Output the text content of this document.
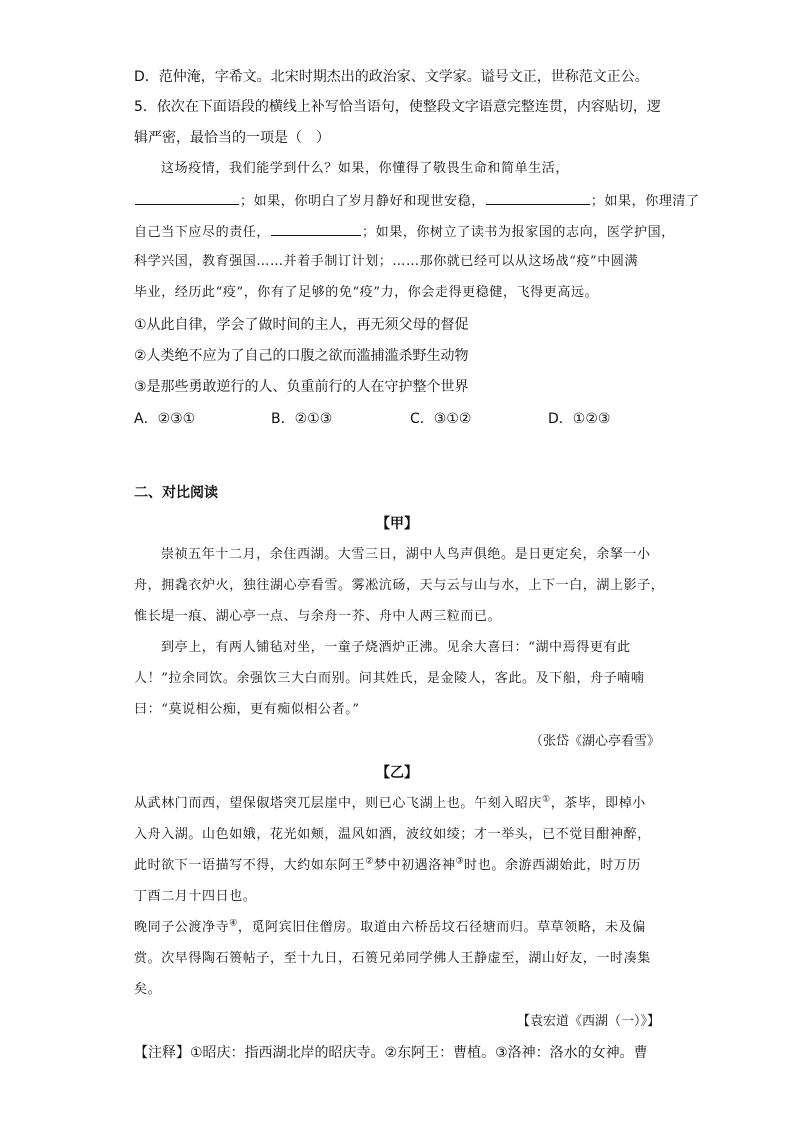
D．范仲淹，字希文。北宋时期杰出的政治家、文学家。谥号文正，世称范文正公。
5．依次在下面语段的横线上补写恰当语句，使整段文字语意完整连贯，内容贴切，逻
辑严密，最恰当的一项是（　）
这场疫情，我们能学到什么？如果，你懂得了敬畏生命和简单生活，
；如果，你明白了岁月静好和现世安稳，	；如果，你理清了
自己当下应尽的责任，	；如果，你树立了读书为报家国的志向，医学护国，
科学兴国，教育强国……并着手制订计划；……那你就已经可以从这场战“疫”中圆满
毕业，经历此“疫”，你有了足够的免“疫”力，你会走得更稳健，飞得更高远。
①从此自律，学会了做时间的主人，再无须父母的督促
②人类绝不应为了自己的口腹之欲而滥捕滥杀野生动物
③是那些勇敢逆行的人、负重前行的人在守护整个世界
A．②③①	B．②①③	C．③①②	D．①②③
二、对比阅读
【甲】
崇祯五年十二月，余住西湖。大雪三日，湖中人鸟声俱绝。是日更定矣，余拏一小
舟，拥毳衣炉火，独往湖心亭看雪。雾凇沆砀，天与云与山与水，上下一白，湖上影子，
惟长堤一痕、湖心亭一点、与余舟一芥、舟中人两三粒而已。
到亭上，有两人铺毡对坐，一童子烧酒炉正沸。见余大喜曰：“湖中焉得更有此
人！”拉余同饮。余强饮三大白而别。问其姓氏，是金陵人，客此。及下船，舟子喃喃
曰：“莫说相公痴，更有痴似相公者。”
（张岱《湖心亭看雪》
【乙】
从武林门而西，望保俶塔突兀层崖中，则已心飞湖上也。午刻入昭庆①，茶毕，即棹小
入舟入湖。山色如娥，花光如颊，温风如酒，波纹如绫；才一举头，已不觉目酣神醉，
此时欲下一语描写不得，大约如东阿王②梦中初遇洛神③时也。余游西湖始此，时万历
丁酉二月十四日也。
晚同子公渡净寺④，觅阿宾旧住僧房。取道由六桥岳坟石径塘而归。草草领略，未及偏
赏。次早得陶石篑帖子，至十九日，石篑兄弟同学佛人王静虚至，湖山好友，一时凑集
矣。
【袁宏道《西湖（一）》】
【注释】①昭庆：指西湖北岸的昭庆寺。②东阿王：曹植。③洛神：洛水的女神。曹
